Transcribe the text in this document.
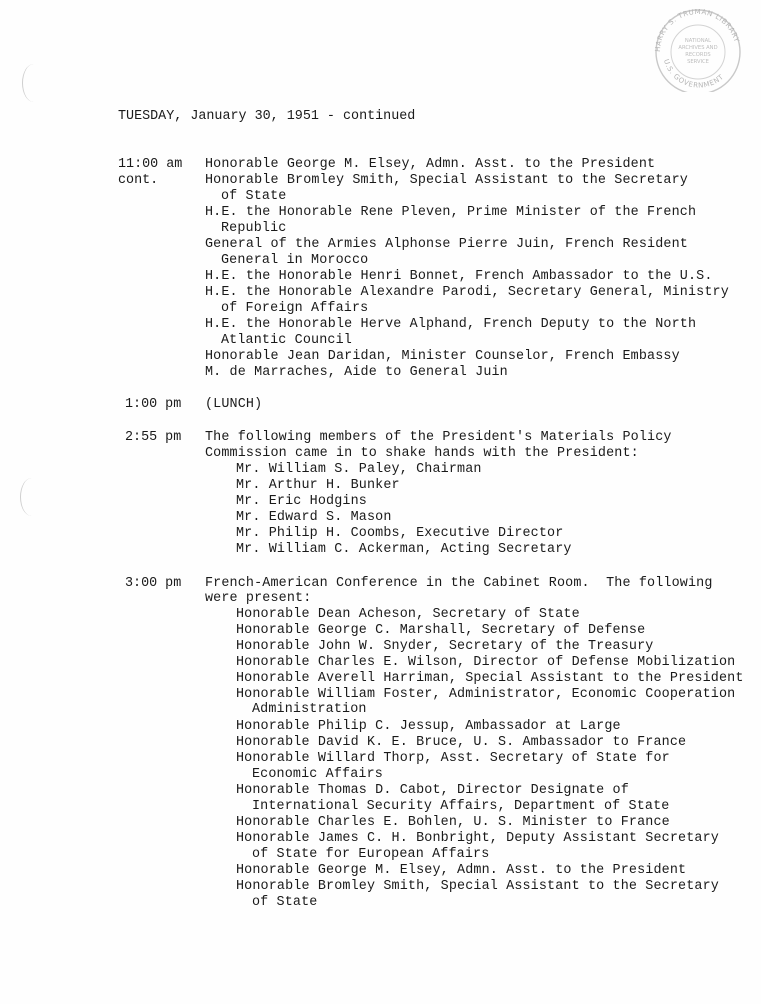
HARRY S. TRUMAN LIBRARY
U.S. GOVERNMENT
NATIONAL
ARCHIVES AND
RECORDS
SERVICE
TUESDAY, January 30, 1951 - continued
11:00 am
cont.
Honorable George M. Elsey, Admn. Asst. to the President
Honorable Bromley Smith, Special Assistant to the Secretary
of State
H.E. the Honorable Rene Pleven, Prime Minister of the French
Republic
General of the Armies Alphonse Pierre Juin, French Resident
General in Morocco
H.E. the Honorable Henri Bonnet, French Ambassador to the U.S.
H.E. the Honorable Alexandre Parodi, Secretary General, Ministry
of Foreign Affairs
H.E. the Honorable Herve Alphand, French Deputy to the North
Atlantic Council
Honorable Jean Daridan, Minister Counselor, French Embassy
M. de Marraches, Aide to General Juin
1:00 pm (LUNCH)
2:55 pm The following members of the President's Materials Policy
Commission came in to shake hands with the President:
Mr. William S. Paley, Chairman
Mr. Arthur H. Bunker
Mr. Eric Hodgins
Mr. Edward S. Mason
Mr. Philip H. Coombs, Executive Director
Mr. William C. Ackerman, Acting Secretary
3:00 pm French-American Conference in the Cabinet Room.  The following
were present:
Honorable Dean Acheson, Secretary of State
Honorable George C. Marshall, Secretary of Defense
Honorable John W. Snyder, Secretary of the Treasury
Honorable Charles E. Wilson, Director of Defense Mobilization
Honorable Averell Harriman, Special Assistant to the President
Honorable William Foster, Administrator, Economic Cooperation
Administration
Honorable Philip C. Jessup, Ambassador at Large
Honorable David K. E. Bruce, U. S. Ambassador to France
Honorable Willard Thorp, Asst. Secretary of State for
Economic Affairs
Honorable Thomas D. Cabot, Director Designate of
International Security Affairs, Department of State
Honorable Charles E. Bohlen, U. S. Minister to France
Honorable James C. H. Bonbright, Deputy Assistant Secretary
of State for European Affairs
Honorable George M. Elsey, Admn. Asst. to the President
Honorable Bromley Smith, Special Assistant to the Secretary
of State
